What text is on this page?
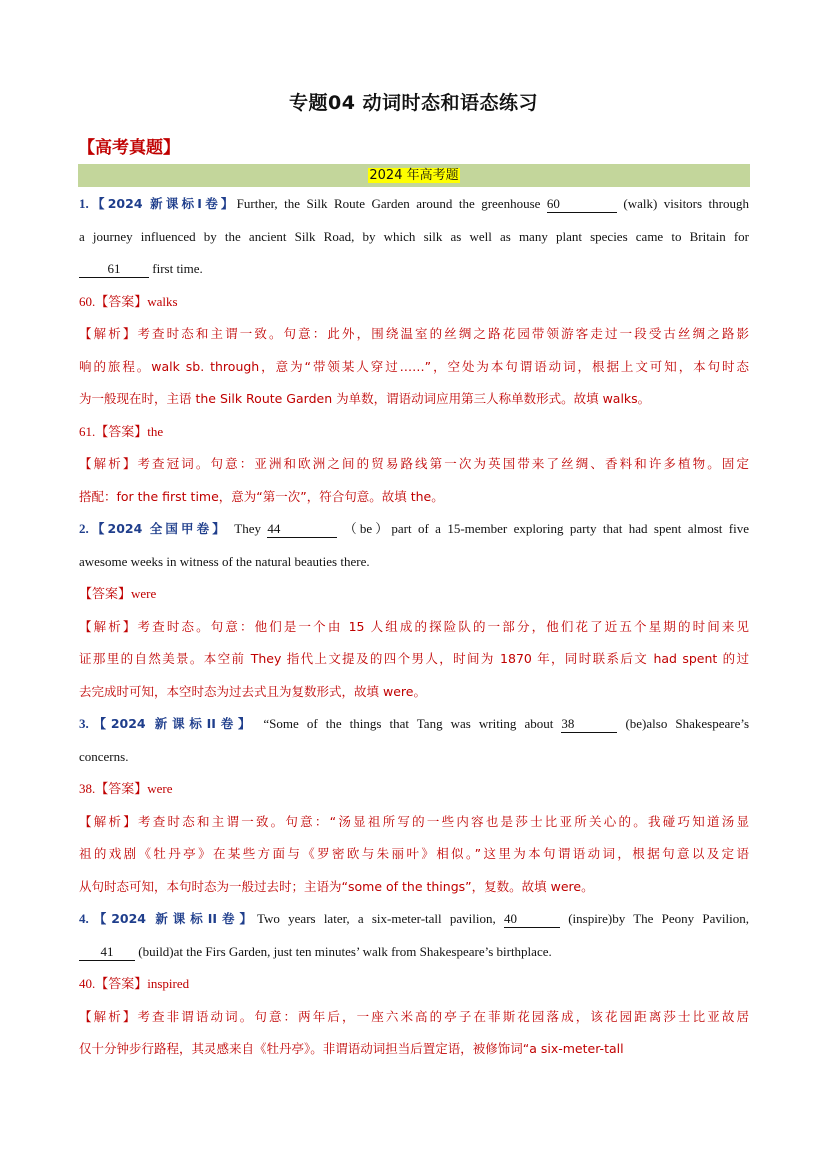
专题04 动词时态和语态练习
【高考真题】
2024 年高考题
1.【2024 新课标I卷】Further, the Silk Route Garden around the greenhouse 60	(walk) visitors through
a journey influenced by the ancient Silk Road, by which silk as well as many plant species came to Britain for
61 first time.
60.【答案】walks
【解析】考查时态和主谓一致。句意：此外，围绕温室的丝绸之路花园带领游客走过一段受古丝绸之路影
响的旅程。walk sb. through，意为“带领某人穿过……”，空处为本句谓语动词，根据上文可知，本句时态
为一般现在时，主语 the Silk Route Garden 为单数，谓语动词应用第三人称单数形式。故填 walks。
61.【答案】the
【解析】考查冠词。句意：亚洲和欧洲之间的贸易路线第一次为英国带来了丝绸、香料和许多植物。固定
搭配：for the first time，意为“第一次”，符合句意。故填 the。
2.【2024 全国甲卷】 They 44	（be）part of a 15-member exploring party that had spent almost five
awesome weeks in witness of the natural beauties there.
【答案】were
【解析】考查时态。句意：他们是一个由 15 人组成的探险队的一部分，他们花了近五个星期的时间来见
证那里的自然美景。本空前 They 指代上文提及的四个男人，时间为 1870 年，同时联系后文 had spent 的过
去完成时可知，本空时态为过去式且为复数形式，故填 were。
3.【2024 新课标II卷】 “Some of the things that Tang was writing about 38	(be)also Shakespeare’s
concerns.
38.【答案】were
【解析】考查时态和主谓一致。句意：“汤显祖所写的一些内容也是莎士比亚所关心的。我碰巧知道汤显
祖的戏剧《牡丹亭》在某些方面与《罗密欧与朱丽叶》相似。”这里为本句谓语动词，根据句意以及定语
从句时态可知，本句时态为一般过去时；主语为“some of the things”，复数。故填 were。
4.【2024 新课标II卷】Two years later, a six-meter-tall pavilion, 40	(inspire)by The Peony Pavilion,
41 (build)at the Firs Garden, just ten minutes’ walk from Shakespeare’s birthplace.
40.【答案】inspired
【解析】考查非谓语动词。句意：两年后，一座六米高的亭子在菲斯花园落成，该花园距离莎士比亚故居
仅十分钟步行路程，其灵感来自《牡丹亭》。非谓语动词担当后置定语，被修饰词“a six-meter-tall
